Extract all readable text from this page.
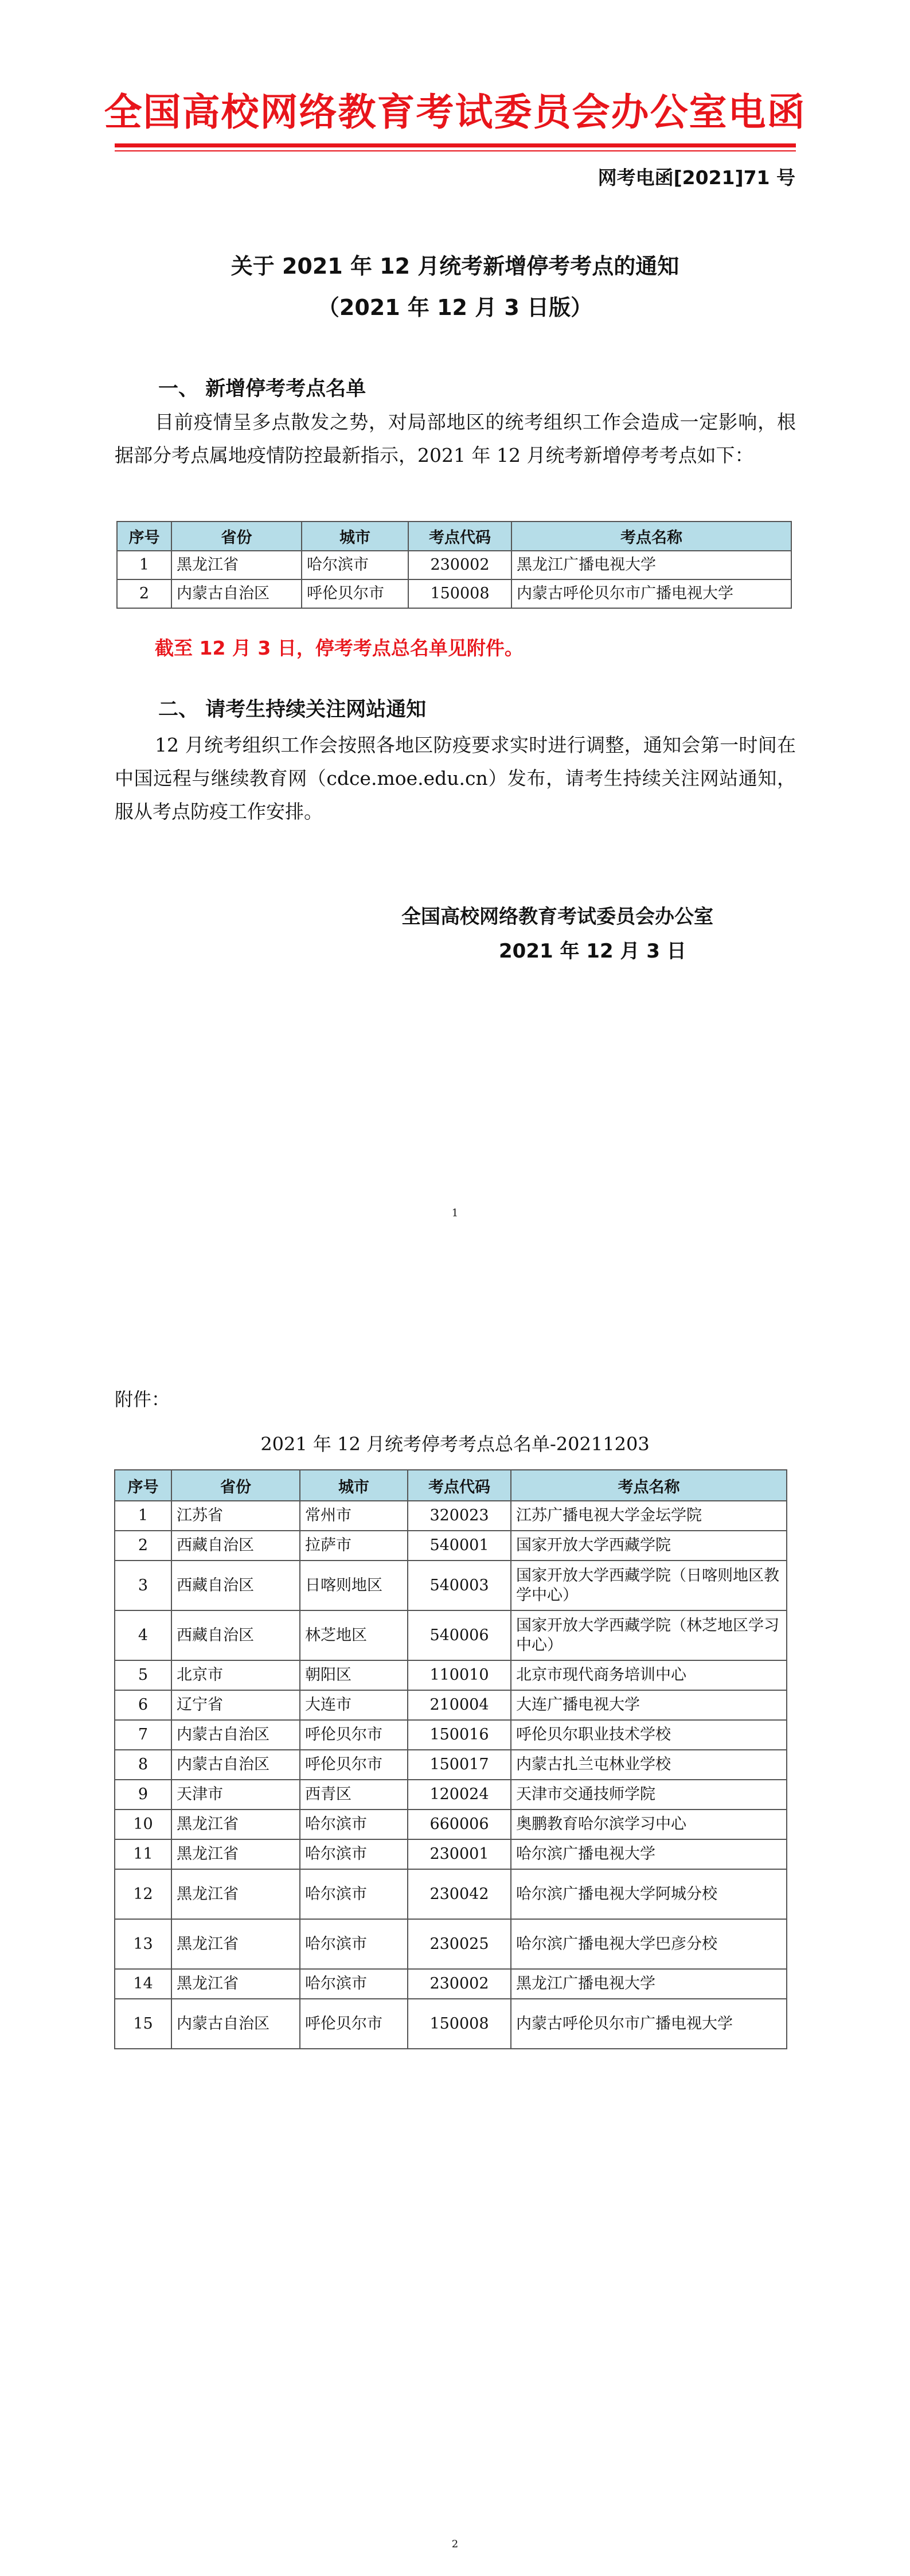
全国高校网络教育考试委员会办公室电函
网考电函[2021]71 号
关于 2021 年 12 月统考新增停考考点的通知
（2021 年 12 月 3 日版）
一、 新增停考考点名单
目前疫情呈多点散发之势，对局部地区的统考组织工作会造成一定影响，根据部分考点属地疫情防控最新指示，2021 年 12 月统考新增停考考点如下：
序号	省份	城市	考点代码	考点名称
1	黑龙江省	哈尔滨市	230002	黑龙江广播电视大学
2	内蒙古自治区	呼伦贝尔市	150008	内蒙古呼伦贝尔市广播电视大学
截至 12 月 3 日，停考考点总名单见附件。
二、 请考生持续关注网站通知
12 月统考组织工作会按照各地区防疫要求实时进行调整，通知会第一时间在中国远程与继续教育网（cdce.moe.edu.cn）发布，请考生持续关注网站通知，服从考点防疫工作安排。
全国高校网络教育考试委员会办公室
2021 年 12 月 3 日
1
附件：
2021 年 12 月统考停考考点总名单-20211203
序号	省份	城市	考点代码	考点名称
1	江苏省	常州市	320023	江苏广播电视大学金坛学院
2	西藏自治区	拉萨市	540001	国家开放大学西藏学院
3	西藏自治区	日喀则地区	540003	国家开放大学西藏学院（日喀则地区教学中心）
4	西藏自治区	林芝地区	540006	国家开放大学西藏学院（林芝地区学习中心）
5	北京市	朝阳区	110010	北京市现代商务培训中心
6	辽宁省	大连市	210004	大连广播电视大学
7	内蒙古自治区	呼伦贝尔市	150016	呼伦贝尔职业技术学校
8	内蒙古自治区	呼伦贝尔市	150017	内蒙古扎兰屯林业学校
9	天津市	西青区	120024	天津市交通技师学院
10	黑龙江省	哈尔滨市	660006	奥鹏教育哈尔滨学习中心
11	黑龙江省	哈尔滨市	230001	哈尔滨广播电视大学
12	黑龙江省	哈尔滨市	230042	哈尔滨广播电视大学阿城分校
13	黑龙江省	哈尔滨市	230025	哈尔滨广播电视大学巴彦分校
14	黑龙江省	哈尔滨市	230002	黑龙江广播电视大学
15	内蒙古自治区	呼伦贝尔市	150008	内蒙古呼伦贝尔市广播电视大学
2
